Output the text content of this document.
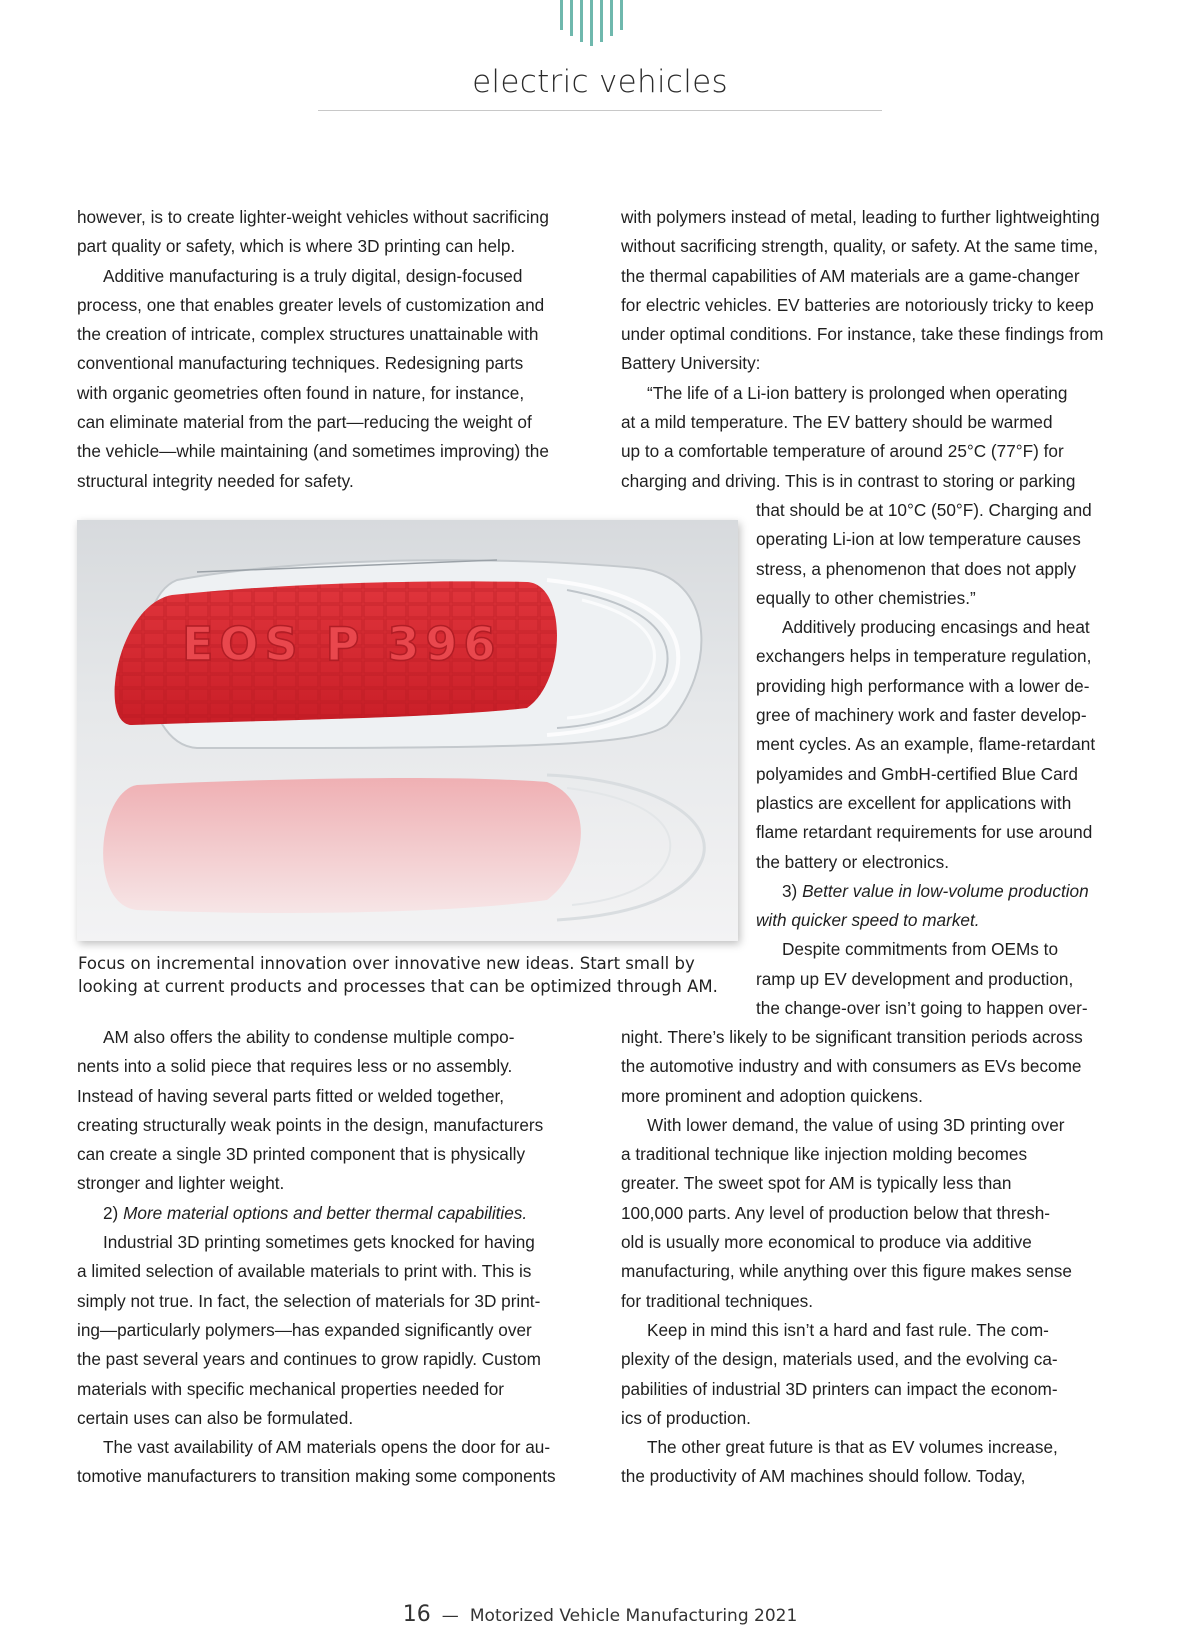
electric vehicles
however, is to create lighter-weight vehicles without sacrificing
part quality or safety, which is where 3D printing can help.
Additive manufacturing is a truly digital, design-focused
process, one that enables greater levels of customization and
the creation of intricate, complex structures unattainable with
conventional manufacturing techniques. Redesigning parts
with organic geometries often found in nature, for instance,
can eliminate material from the part—reducing the weight of
the vehicle—while maintaining (and sometimes improving) the
structural integrity needed for safety.
EOS P 396
Focus on incremental innovation over innovative new ideas. Start small by
looking at current products and processes that can be optimized through AM.
AM also offers the ability to condense multiple compo-
nents into a solid piece that requires less or no assembly.
Instead of having several parts fitted or welded together,
creating structurally weak points in the design, manufacturers
can create a single 3D printed component that is physically
stronger and lighter weight.
2) More material options and better thermal capabilities.
Industrial 3D printing sometimes gets knocked for having
a limited selection of available materials to print with. This is
simply not true. In fact, the selection of materials for 3D print-
ing—particularly polymers—has expanded significantly over
the past several years and continues to grow rapidly. Custom
materials with specific mechanical properties needed for
certain uses can also be formulated.
The vast availability of AM materials opens the door for au-
tomotive manufacturers to transition making some components
with polymers instead of metal, leading to further lightweighting
without sacrificing strength, quality, or safety. At the same time,
the thermal capabilities of AM materials are a game-changer
for electric vehicles. EV batteries are notoriously tricky to keep
under optimal conditions. For instance, take these findings from
Battery University:
“The life of a Li-ion battery is prolonged when operating
at a mild temperature. The EV battery should be warmed
up to a comfortable temperature of around 25°C (77°F) for
charging and driving. This is in contrast to storing or parking
that should be at 10°C (50°F). Charging and
operating Li-ion at low temperature causes
stress, a phenomenon that does not apply
equally to other chemistries.”
Additively producing encasings and heat
exchangers helps in temperature regulation,
providing high performance with a lower de-
gree of machinery work and faster develop-
ment cycles. As an example, flame-retardant
polyamides and GmbH-certified Blue Card
plastics are excellent for applications with
flame retardant requirements for use around
the battery or electronics.
3) Better value in low-volume production
with quicker speed to market.
Despite commitments from OEMs to
ramp up EV development and production,
the change-over isn’t going to happen over-
night. There’s likely to be significant transition periods across
the automotive industry and with consumers as EVs become
more prominent and adoption quickens.
With lower demand, the value of using 3D printing over
a traditional technique like injection molding becomes
greater. The sweet spot for AM is typically less than
100,000 parts. Any level of production below that thresh-
old is usually more economical to produce via additive
manufacturing, while anything over this figure makes sense
for traditional techniques.
Keep in mind this isn’t a hard and fast rule. The com-
plexity of the design, materials used, and the evolving ca-
pabilities of industrial 3D printers can impact the econom-
ics of production.
The other great future is that as EV volumes increase,
the productivity of AM machines should follow. Today,
16 — Motorized Vehicle Manufacturing 2021
